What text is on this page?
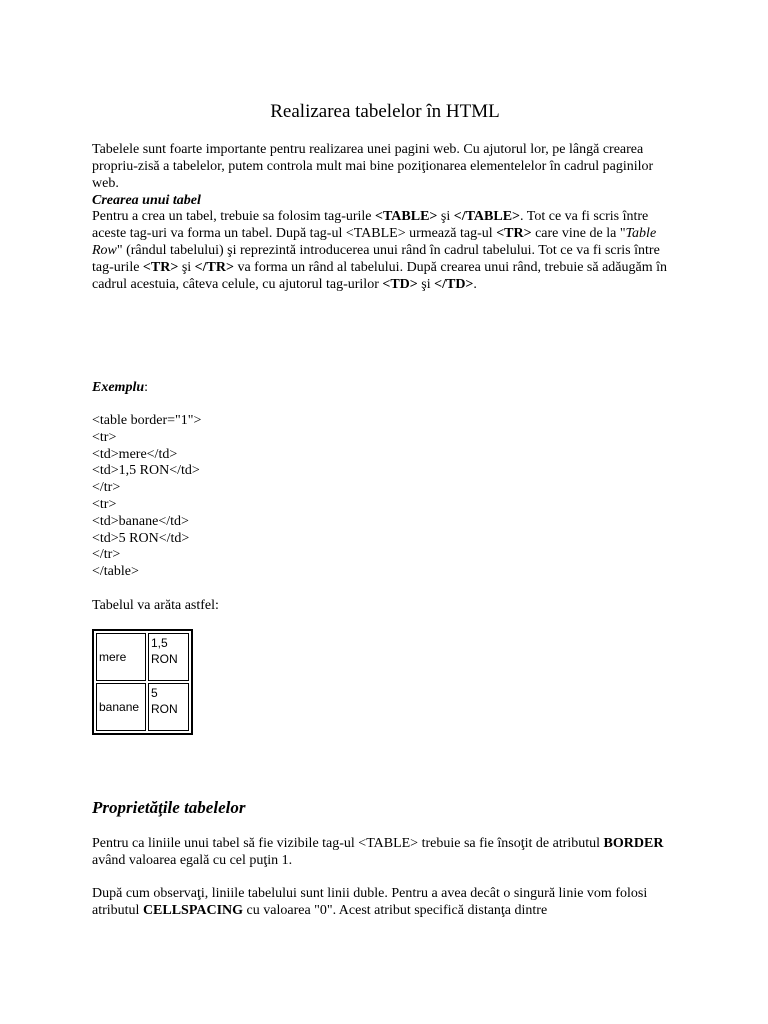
Realizarea tabelelor în HTML

Tabelele sunt foarte importante pentru realizarea unei pagini web. Cu ajutorul lor, pe lângă crearea propriu-zisă a tabelelor, putem controla mult mai bine poziţionarea elementelelor în cadrul paginilor web.
Crearea unui tabel

Pentru a crea un tabel, trebuie sa folosim tag-urile <TABLE> şi </TABLE>. Tot ce va fi scris între aceste tag-uri va forma un tabel. După tag-ul <TABLE> urmează tag-ul <TR> care vine de la "Table Row" (rândul tabelului) şi reprezintă introducerea unui rând în cadrul tabelului. Tot ce va fi scris între tag-urile <TR> şi </TR> va forma un rând al tabelului. După crearea unui rând, trebuie să adăugăm în cadrul acestuia, câteva celule, cu ajutorul tag-urilor <TD> şi </TD>.

Exemplu:

<table border="1">
<tr>
<td>mere</td>
<td>1,5 RON</td>
</tr>
<tr>
<td>banane</td>
<td>5 RON</td>
</tr>
</table>

Tabelul va arăta astfel:

mere	1,5 RON
banane	5 RON

Proprietăţile tabelelor

Pentru ca liniile unui tabel să fie vizibile tag-ul <TABLE> trebuie sa fie însoţit de atributul BORDER având valoarea egală cu cel puţin 1.

După cum observaţi, liniile tabelului sunt linii duble. Pentru a avea decât o singură linie vom folosi atributul CELLSPACING cu valoarea "0". Acest atribut specifică distanţa dintre
